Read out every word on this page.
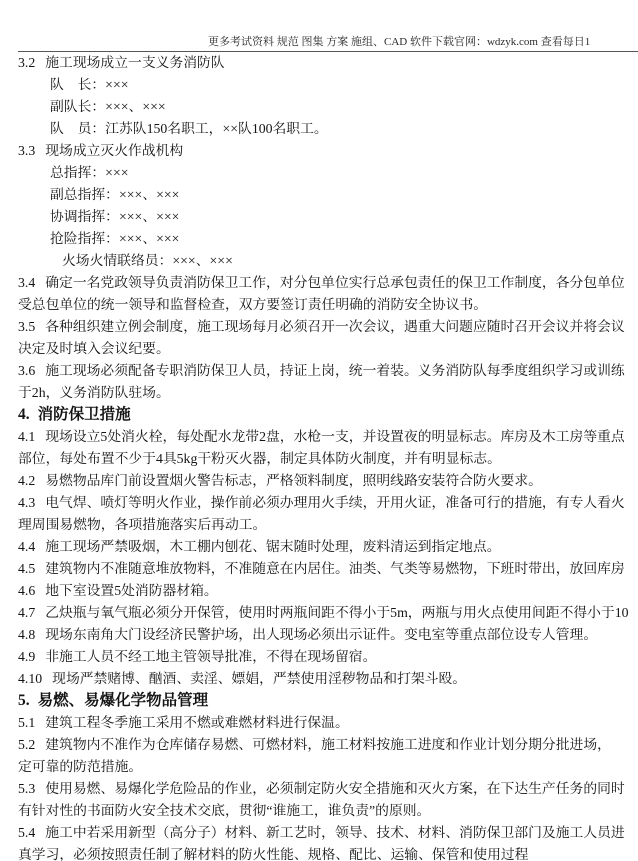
更多考试资料 规范 图集 方案 施组、CAD 软件下载官网：wdzyk.com 查看每日1
3.2 施工现场成立一支义务消防队
队　长：×××
副队长：×××、×××
队　员：江苏队150名职工，××队100名职工。
3.3 现场成立灭火作战机构
总指挥：×××
副总指挥：×××、×××
协调指挥：×××、×××
抢险指挥：×××、×××
火场火情联络员：×××、×××
3.4 确定一名党政领导负责消防保卫工作，对分包单位实行总承包责任的保卫工作制度，各分包单位
受总包单位的统一领导和监督检查，双方要签订责任明确的消防安全协议书。
3.5 各种组织建立例会制度，施工现场每月必须召开一次会议，遇重大问题应随时召开会议并将会议
决定及时填入会议纪要。
3.6 施工现场必须配备专职消防保卫人员，持证上岗，统一着装。义务消防队每季度组织学习或训练
于2h，义务消防队驻场。
4. 消防保卫措施
4.1 现场设立5处消火栓，每处配水龙带2盘，水枪一支，并设置夜的明显标志。库房及木工房等重点
部位，每处布置不少于4具5kg干粉灭火器，制定具体防火制度，并有明显标志。
4.2 易燃物品库门前设置烟火警告标志，严格领料制度，照明线路安装符合防火要求。
4.3 电气焊、喷灯等明火作业，操作前必须办理用火手续，开用火证，准备可行的措施，有专人看火
理周围易燃物，各项措施落实后再动工。
4.4 施工现场严禁吸烟，木工棚内刨花、锯末随时处理，废料清运到指定地点。
4.5 建筑物内不准随意堆放物料，不准随意在内居住。油类、气类等易燃物，下班时带出，放回库房
4.6 地下室设置5处消防器材箱。
4.7 乙炔瓶与氧气瓶必须分开保管，使用时两瓶间距不得小于5m，两瓶与用火点使用间距不得小于10
4.8 现场东南角大门设经济民警护场，出人现场必须出示证件。变电室等重点部位设专人管理。
4.9 非施工人员不经工地主管领导批准，不得在现场留宿。
4.10 现场严禁赌博、酗酒、卖淫、嫖娼，严禁使用淫秽物品和打架斗殴。
5. 易燃、易爆化学物品管理
5.1 建筑工程冬季施工采用不燃或难燃材料进行保温。
5.2 建筑物内不准作为仓库储存易燃、可燃材料，施工材料按施工进度和作业计划分期分批进场，
定可靠的防范措施。
5.3 使用易燃、易爆化学危险品的作业，必须制定防火安全措施和灭火方案，在下达生产任务的同时
有针对性的书面防火安全技术交底，贯彻“谁施工，谁负责”的原则。
5.4 施工中若采用新型（高分子）材料、新工艺时，领导、技术、材料、消防保卫部门及施工人员进
真学习，必须按照责任制了解材料的防火性能、规格、配比、运输、保管和使用过程
